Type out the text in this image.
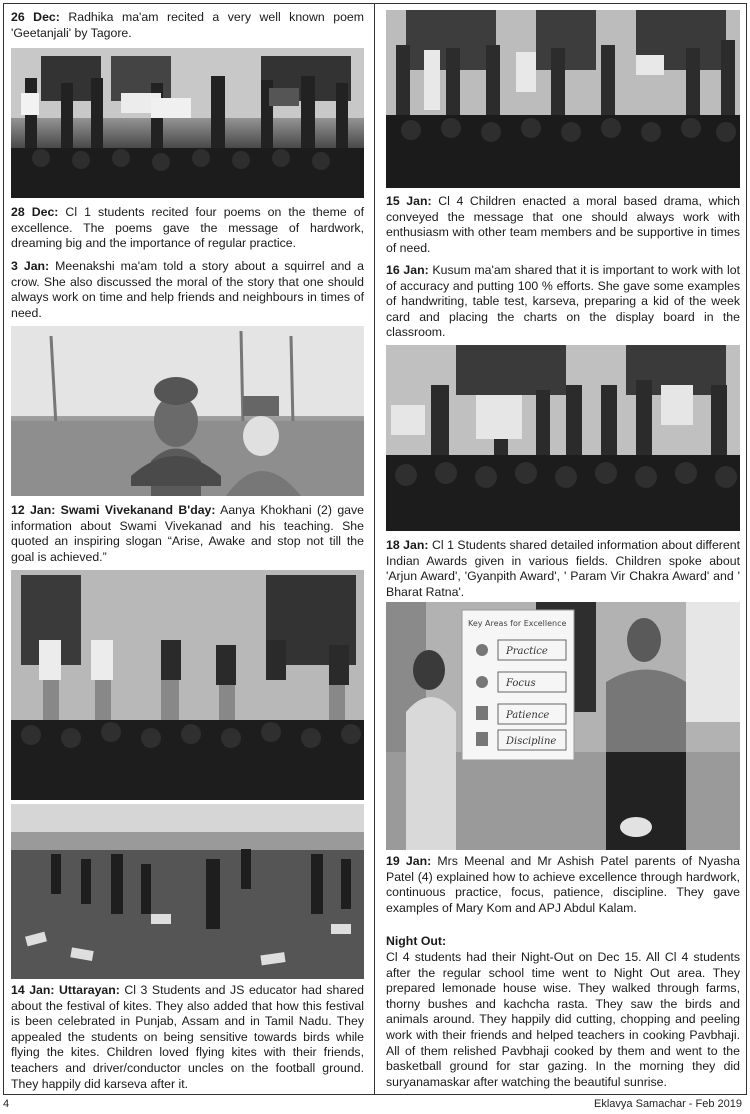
26 Dec: Radhika ma'am recited a very well known poem 'Geetanjali' by Tagore.

28 Dec: Cl 1 students recited four poems on the theme of excellence. The poems gave the message of hardwork, dreaming big and the importance of regular practice.

3 Jan: Meenakshi ma'am told a story about a squirrel and a crow. She also discussed the moral of the story that one should always work on time and help friends and neighbours in times of need.

12 Jan: Swami Vivekanand B'day: Aanya Khokhani (2) gave information about Swami Vivekanad and his teaching. She quoted an inspiring slogan “Arise, Awake and stop not till the goal is achieved.”

14 Jan: Uttarayan: Cl 3 Students and JS educator had shared about the festival of kites. They also added that how this festival is been celebrated in Punjab, Assam and in Tamil Nadu. They appealed the students on being sensitive towards birds while flying the kites. Children loved flying kites with their friends, teachers and driver/conductor uncles on the football ground. They happily did karseva after it.

15 Jan: Cl 4 Children enacted a moral based drama, which conveyed the message that one should always work with enthusiasm with other team members and be supportive in times of need.

16 Jan: Kusum ma'am shared that it is important to work with lot of accuracy and putting 100 % efforts. She gave some examples of handwriting, table test, karseva, preparing a kid of the week card and placing the charts on the display board in the classroom.

18 Jan: Cl 1 Students shared detailed information about different Indian Awards given in various fields. Children spoke about 'Arjun Award', 'Gyanpith Award', ' Param Vir Chakra Award' and ' Bharat Ratna'.

Key Areas for Excellence
Practice
Focus
Patience
Discipline

19 Jan: Mrs Meenal and Mr Ashish Patel parents of Nyasha Patel (4) explained how to achieve excellence through hardwork, continuous practice, focus, patience, discipline. They gave examples of Mary Kom and APJ Abdul Kalam.

Night Out:

Cl 4 students had their Night-Out on Dec 15. All Cl 4 students after the regular school time went to Night Out area. They prepared lemonade house wise. They walked through farms, thorny bushes and kachcha rasta. They saw the birds and animals around. They happily did cutting, chopping and peeling work with their friends and helped teachers in cooking Pavbhaji. All of them relished Pavbhaji cooked by them and went to the basketball ground for star gazing. In the morning they did suryanamaskar after watching the beautiful sunrise.

4	Eklavya Samachar - Feb 2019
